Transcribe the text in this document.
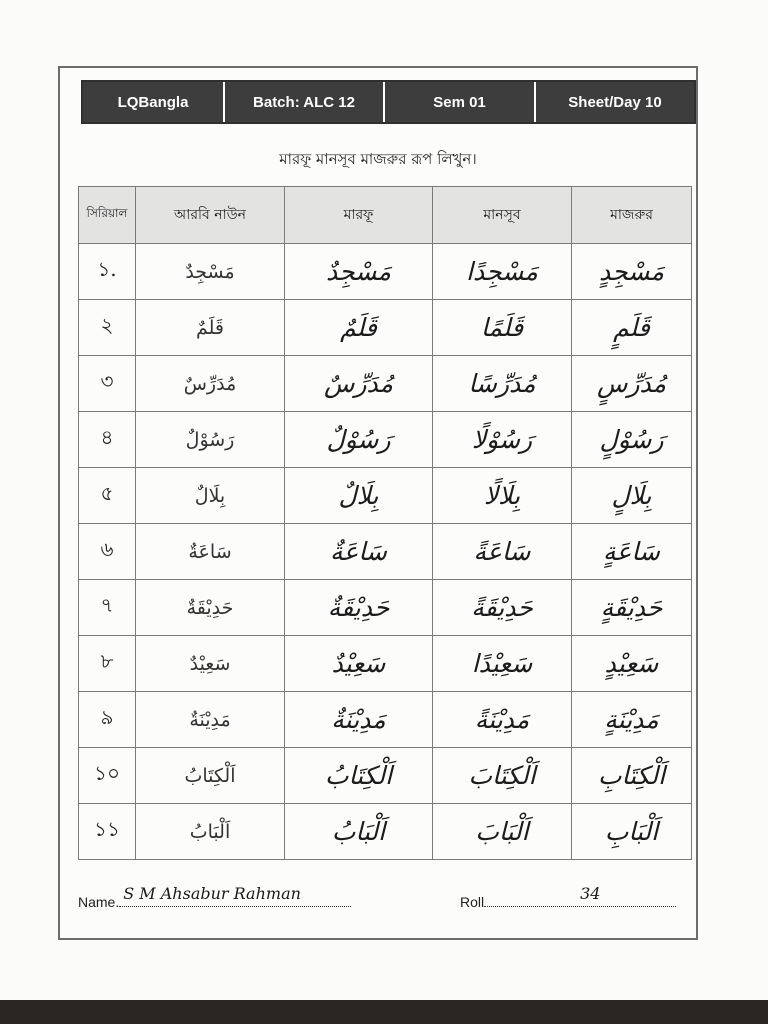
LQBangla	Batch: ALC 12	Sem 01	Sheet/Day 10
মারফূ মানসূব মাজরুর রূপ লিখুন।
সিরিয়াল	আরবি নাউন	মারফূ	মানসূব	মাজরুর
১.	مَسْجِدٌ	مَسْجِدٌ	مَسْجِدًا	مَسْجِدٍ
২	قَلَمٌ	قَلَمٌ	قَلَمًا	قَلَمٍ
৩	مُدَرِّسٌ	مُدَرِّسٌ	مُدَرِّسًا	مُدَرِّسٍ
৪	رَسُوْلٌ	رَسُوْلٌ	رَسُوْلًا	رَسُوْلٍ
৫	بِلَالٌ	بِلَالٌ	بِلَالًا	بِلَالٍ
৬	سَاعَةٌ	سَاعَةٌ	سَاعَةً	سَاعَةٍ
৭	حَدِيْقَةٌ	حَدِيْقَةٌ	حَدِيْقَةً	حَدِيْقَةٍ
৮	سَعِيْدٌ	سَعِيْدٌ	سَعِيْدًا	سَعِيْدٍ
৯	مَدِيْنَةٌ	مَدِيْنَةٌ	مَدِيْنَةً	مَدِيْنَةٍ
১০	اَلْكِتَابُ	اَلْكِتَابُ	اَلْكِتَابَ	اَلْكِتَابِ
১১	اَلْبَابُ	اَلْبَابُ	اَلْبَابَ	اَلْبَابِ
Name. S M Ahsabur Rahman	Roll	34
